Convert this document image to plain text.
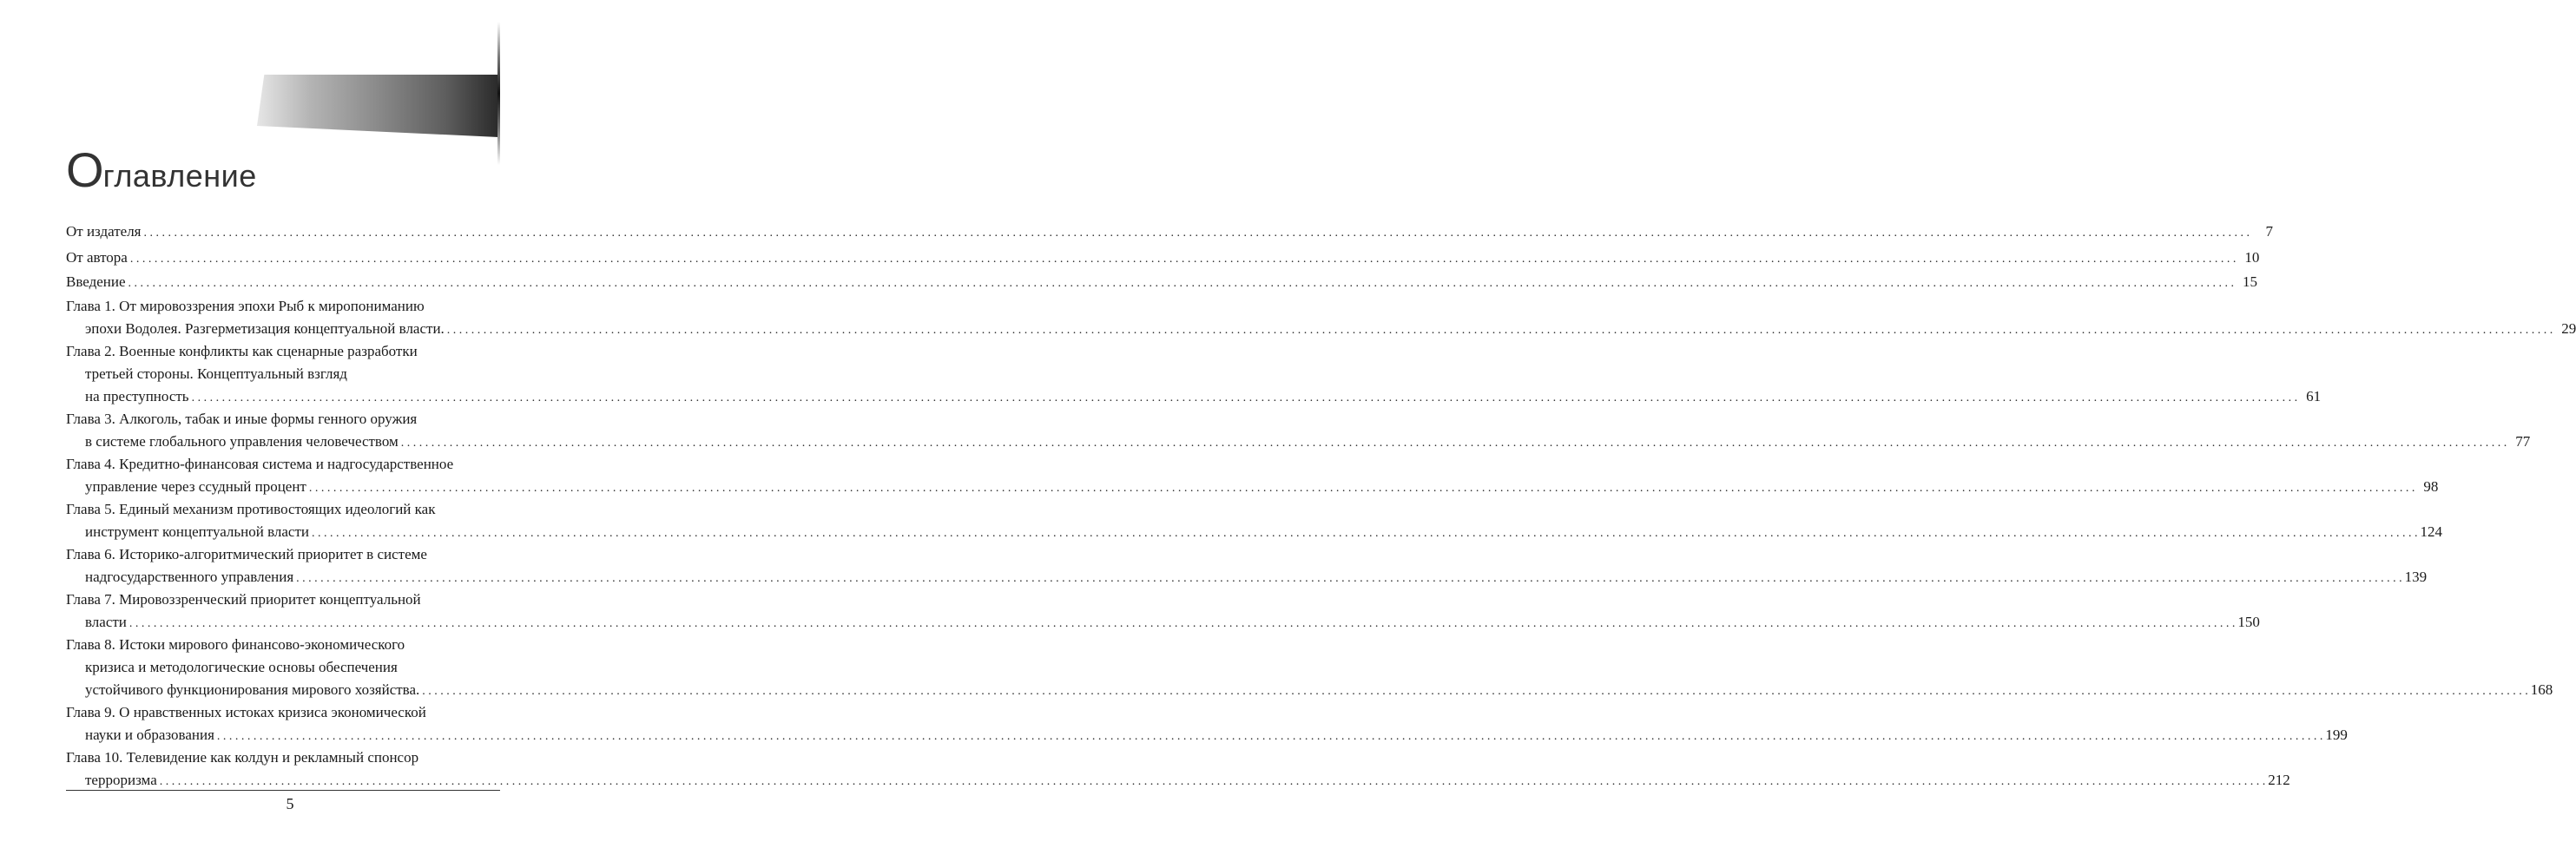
Оглавление
От издателя . . .	7
От автора . . .	10
Введение . . .	15
Глава 1. От мировоззрения эпохи Рыб к миропониманию
эпохи Водолея. Разгерметизация концептуальной власти. . . .	29
Глава 2. Военные конфликты как сценарные разработки
третьей стороны. Концептуальный взгляд
на преступность . . .	61
Глава 3. Алкоголь, табак и иные формы генного оружия
в системе глобального управления человечеством . . .	77
Глава 4. Кредитно-финансовая система и надгосударственное
управление через ссудный процент . . .	98
Глава 5. Единый механизм противостоящих идеологий как
инструмент концептуальной власти . . .	124
Глава 6. Историко-алгоритмический приоритет в системе
надгосударственного управления . . .	139
Глава 7. Мировоззренческий приоритет концептуальной
власти . . .	150
Глава 8. Истоки мирового финансово-экономического
кризиса и методологические основы обеспечения
устойчивого функционирования мирового хозяйства. . . .	168
Глава 9. О нравственных истоках кризиса экономической
науки и образования . . .	199
Глава 10. Телевидение как колдун и рекламный спонсор
терроризма . . .	212
5
